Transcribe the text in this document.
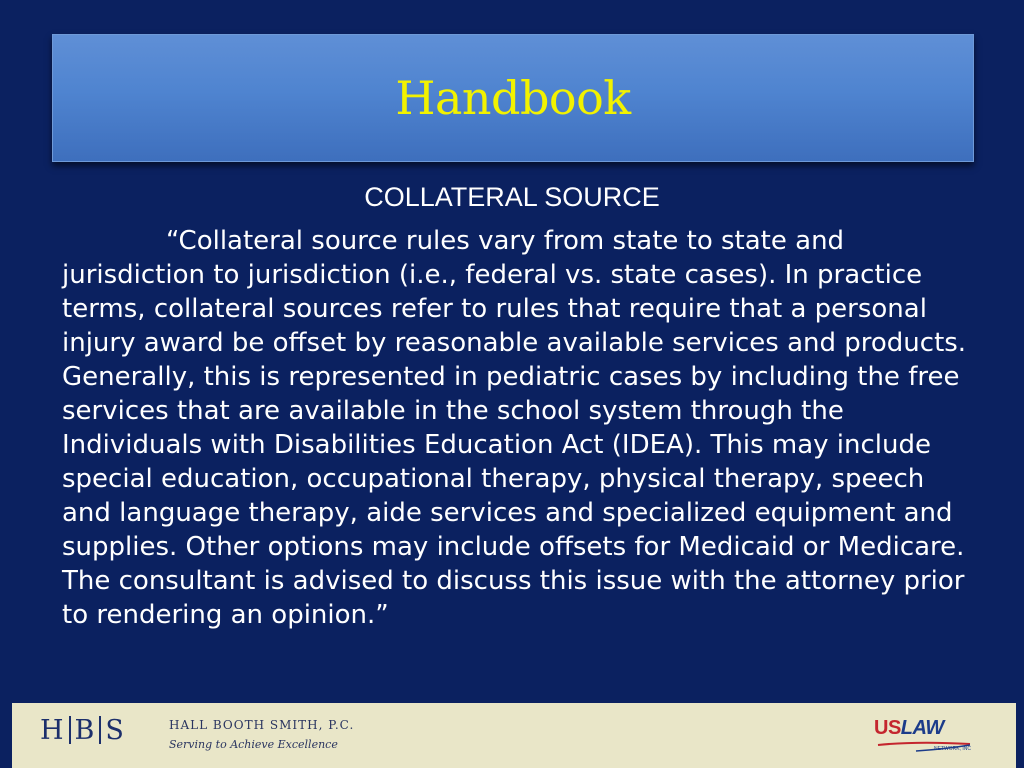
Handbook
COLLATERAL SOURCE

“Collateral source rules vary from state to state and jurisdiction to jurisdiction (i.e., federal vs. state cases). In practice terms, collateral sources refer to rules that require that a personal injury award be offset by reasonable available services and products. Generally, this is represented in pediatric cases by including the free services that are available in the school system through the Individuals with Disabilities Education Act (IDEA). This may include special education, occupational therapy, physical therapy, speech and language therapy, aide services and specialized equipment and supplies. Other options may include offsets for Medicaid or Medicare. The consultant is advised to discuss this issue with the attorney prior to rendering an opinion.”

H B S	HALL BOOTH SMITH, P.C.
Serving to Achieve Excellence
USLAW
NETWORK, INC
